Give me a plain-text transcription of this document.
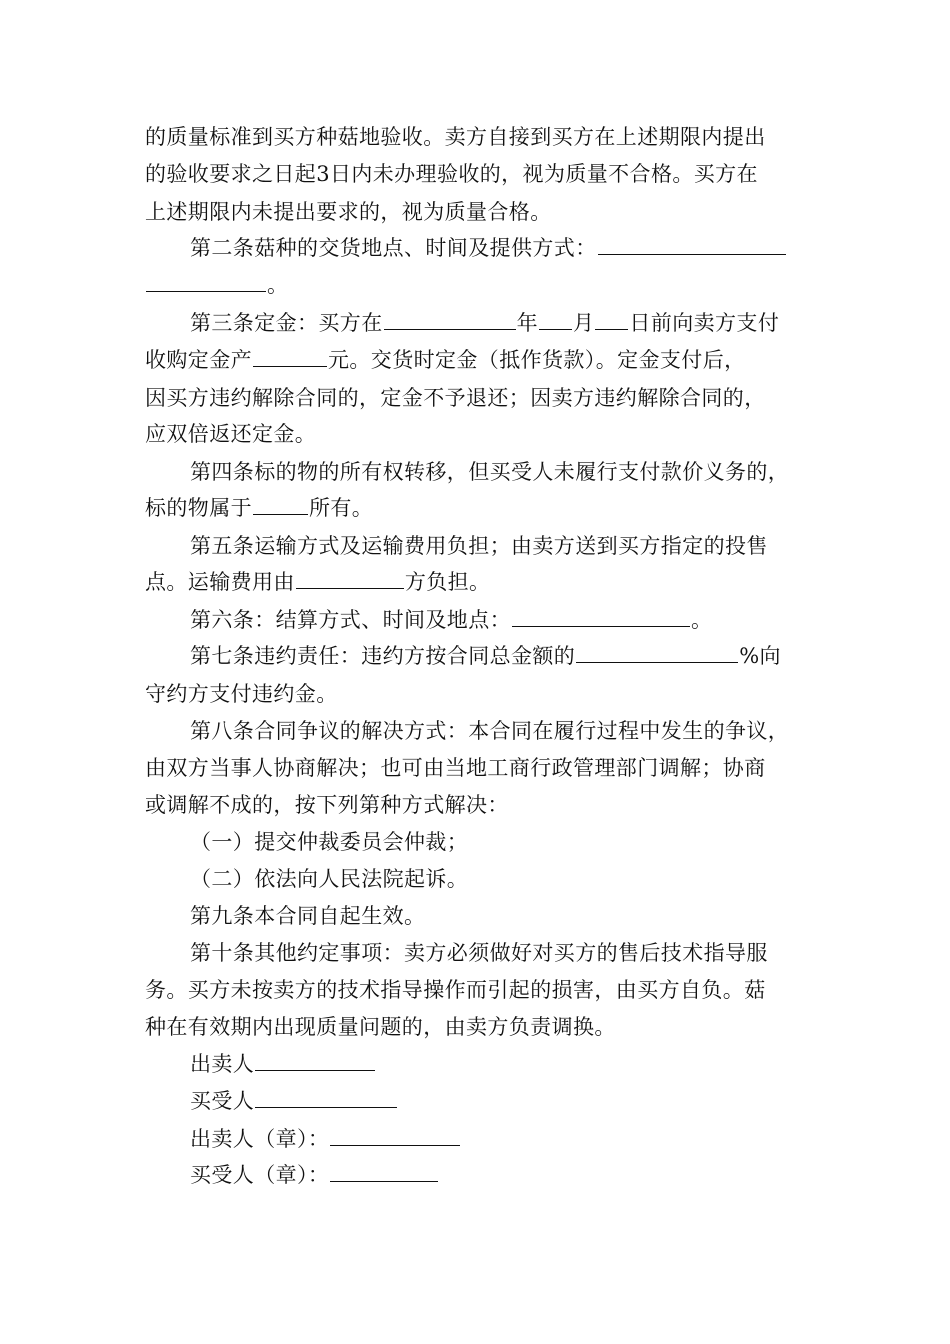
的质量标准到买方种菇地验收。卖方自接到买方在上述期限内提出
的验收要求之日起3日内未办理验收的，视为质量不合格。买方在
上述期限内未提出要求的，视为质量合格。
第二条菇种的交货地点、时间及提供方式：
。
第三条定金：买方在	年 月 日前向卖方支付
收购定金产	元。交货时定金（抵作货款）。定金支付后，
因买方违约解除合同的，定金不予退还；因卖方违约解除合同的，
应双倍返还定金。
第四条标的物的所有权转移，但买受人未履行支付款价义务的，
标的物属于	所有。
第五条运输方式及运输费用负担；由卖方送到买方指定的投售
点。运输费用由	方负担。
第六条：结算方式、时间及地点：	。
第七条违约责任：违约方按合同总金额的	%向
守约方支付违约金。
第八条合同争议的解决方式：本合同在履行过程中发生的争议，
由双方当事人协商解决；也可由当地工商行政管理部门调解；协商
或调解不成的，按下列第种方式解决：
（一）提交仲裁委员会仲裁；
（二）依法向人民法院起诉。
第九条本合同自起生效。
第十条其他约定事项：卖方必须做好对买方的售后技术指导服
务。买方未按卖方的技术指导操作而引起的损害，由买方自负。菇
种在有效期内出现质量问题的，由卖方负责调换。
出卖人
买受人
出卖人（章）：
买受人（章）：
